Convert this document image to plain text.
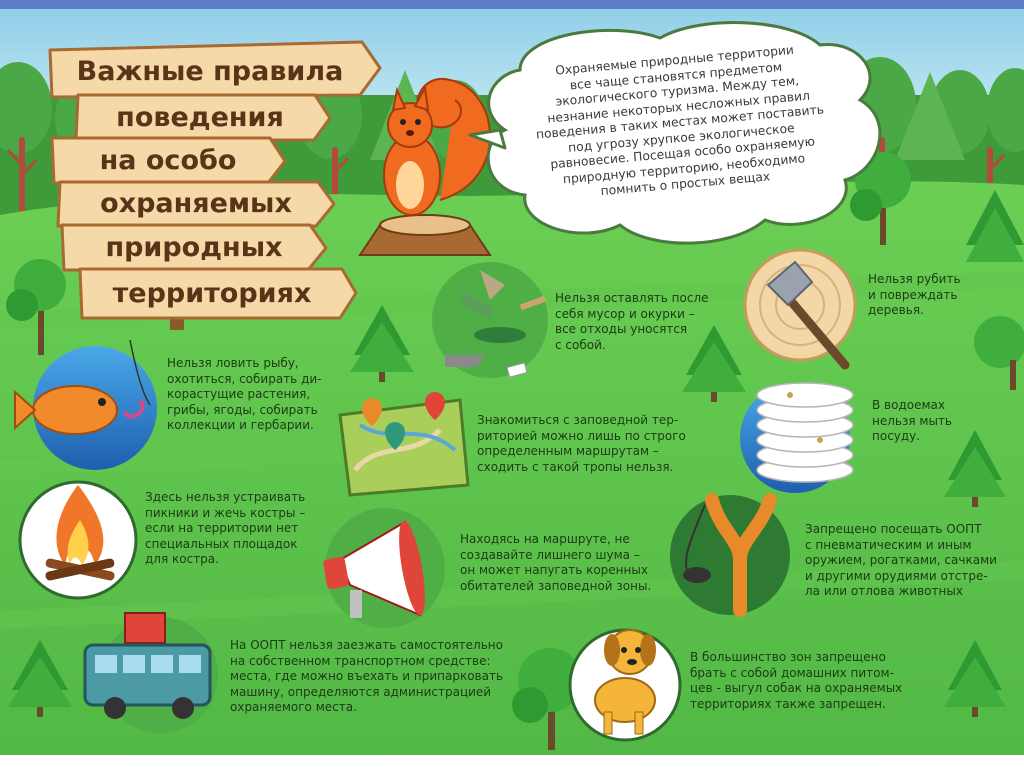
Важные правила
поведения
на особо
охраняемых
природных
территориях
Охраняемые природные территории
все чаще становятся предметом
экологического туризма. Между тем,
незнание некоторых несложных правил
поведения в таких местах может поставить
под угрозу хрупкое экологическое
равновесие. Посещая особо охраняемую
природную территорию, необходимо
помнить о простых вещах
Нельзя ловить рыбу,
охотиться, собирать ди-
корастущие растения,
грибы, ягоды, собирать
коллекции и гербарии.
Здесь нельзя устраивать
пикники и жечь костры –
если на территории нет
специальных площадок
для костра.
На ООПТ нельзя заезжать самостоятельно
на собственном транспортном средстве:
места, где можно въехать и припарковать
машину, определяются администрацией
охраняемого места.
Нельзя оставлять после
себя мусор и окурки –
все отходы уносятся
с собой.
Знакомиться с заповедной тер-
риторией можно лишь по строго
определенным маршрутам –
сходить с такой тропы нельзя.
Находясь на маршруте, не
создавайте лишнего шума –
он может напугать коренных
обитателей заповедной зоны.
Нельзя рубить
и повреждать
деревья.
В водоемах
нельзя мыть
посуду.
Запрещено посещать ООПТ
с пневматическим и иным
оружием, рогатками, сачками
и другими орудиями отстре-
ла или отлова животных
В большинство зон запрещено
брать с собой домашних питом-
цев - выгул собак на охраняемых
территориях также запрещен.
